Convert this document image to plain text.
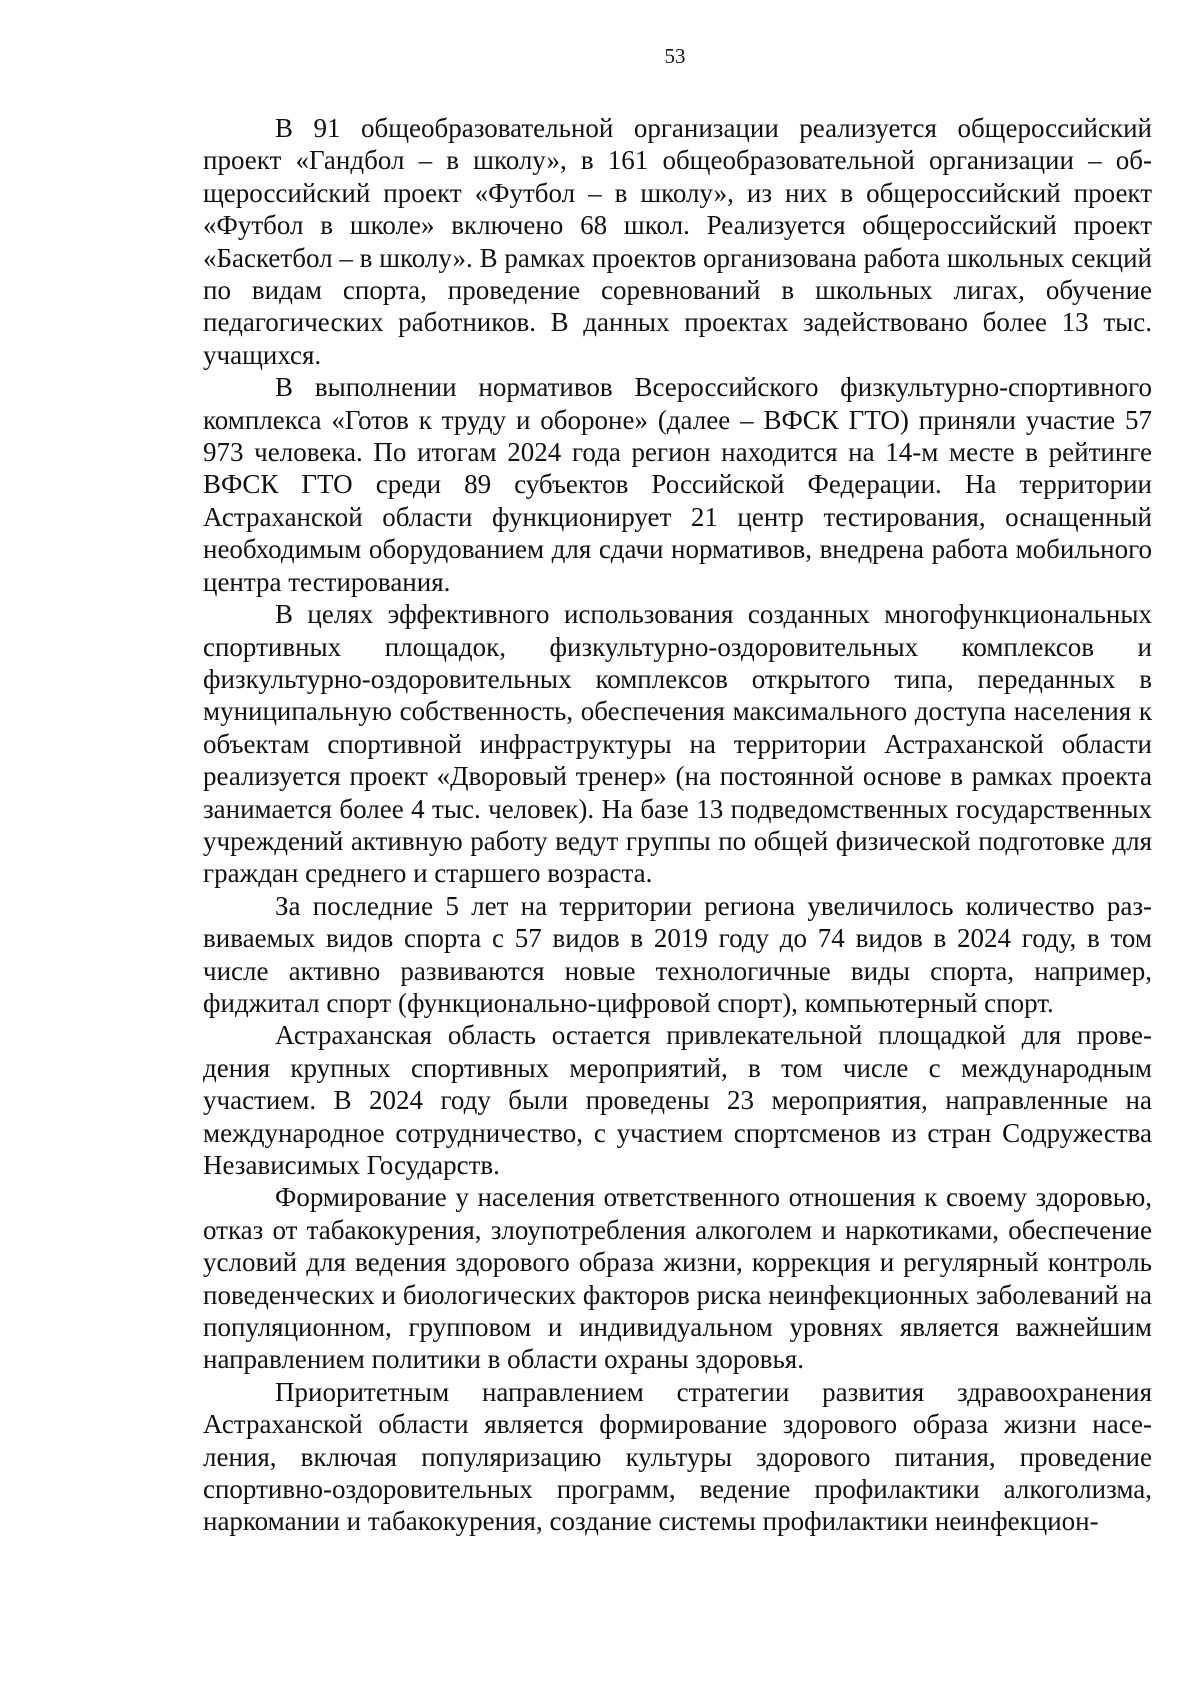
53

В 91 общеобразовательной организации реализуется общероссийский проект «Гандбол – в школу», в 161 общеобразовательной организации – общероссийский проект «Футбол – в школу», из них в общероссийский проект «Футбол в школе» включено 68 школ. Реализуется общероссийский проект «Баскетбол – в школу». В рамках проектов организована работа школьных секций по видам спорта, проведение соревнований в школьных лигах, обучение педагогических работников. В данных проектах задействовано более 13 тыс. учащихся.

В выполнении нормативов Всероссийского физкультурно-спортивного комплекса «Готов к труду и обороне» (далее – ВФСК ГТО) приняли участие 57 973 человека. По итогам 2024 года регион находится на 14-м месте в рейтинге ВФСК ГТО среди 89 субъектов Российской Федерации. На территории Астраханской области функционирует 21 центр тестирования, оснащенный необходимым оборудованием для сдачи нормативов, внедрена работа мобильного центра тестирования.

В целях эффективного использования созданных многофункциональных спортивных площадок, физкультурно-оздоровительных комплексов и физкультурно-оздоровительных комплексов открытого типа, переданных в муниципальную собственность, обеспечения максимального доступа населения к объектам спортивной инфраструктуры на территории Астраханской области реализуется проект «Дворовый тренер» (на постоянной основе в рамках проекта занимается более 4 тыс. человек). На базе 13 подведомственных государственных учреждений активную работу ведут группы по общей физической подготовке для граждан среднего и старшего возраста.

За последние 5 лет на территории региона увеличилось количество развиваемых видов спорта с 57 видов в 2019 году до 74 видов в 2024 году, в том числе активно развиваются новые технологичные виды спорта, например, фиджитал спорт (функционально-цифровой спорт), компьютерный спорт.

Астраханская область остается привлекательной площадкой для проведения крупных спортивных мероприятий, в том числе с международным участием. В 2024 году были проведены 23 мероприятия, направленные на международное сотрудничество, с участием спортсменов из стран Содружества Независимых Государств.

Формирование у населения ответственного отношения к своему здоровью, отказ от табакокурения, злоупотребления алкоголем и наркотиками, обеспечение условий для ведения здорового образа жизни, коррекция и регулярный контроль поведенческих и биологических факторов риска неинфекционных заболеваний на популяционном, групповом и индивидуальном уровнях является важнейшим направлением политики в области охраны здоровья.

Приоритетным направлением стратегии развития здравоохранения Астраханской области является формирование здорового образа жизни населения, включая популяризацию культуры здорового питания, проведение спортивно-оздоровительных программ, ведение профилактики алкоголизма, наркомании и табакокурения, создание системы профилактики неинфекцион-
